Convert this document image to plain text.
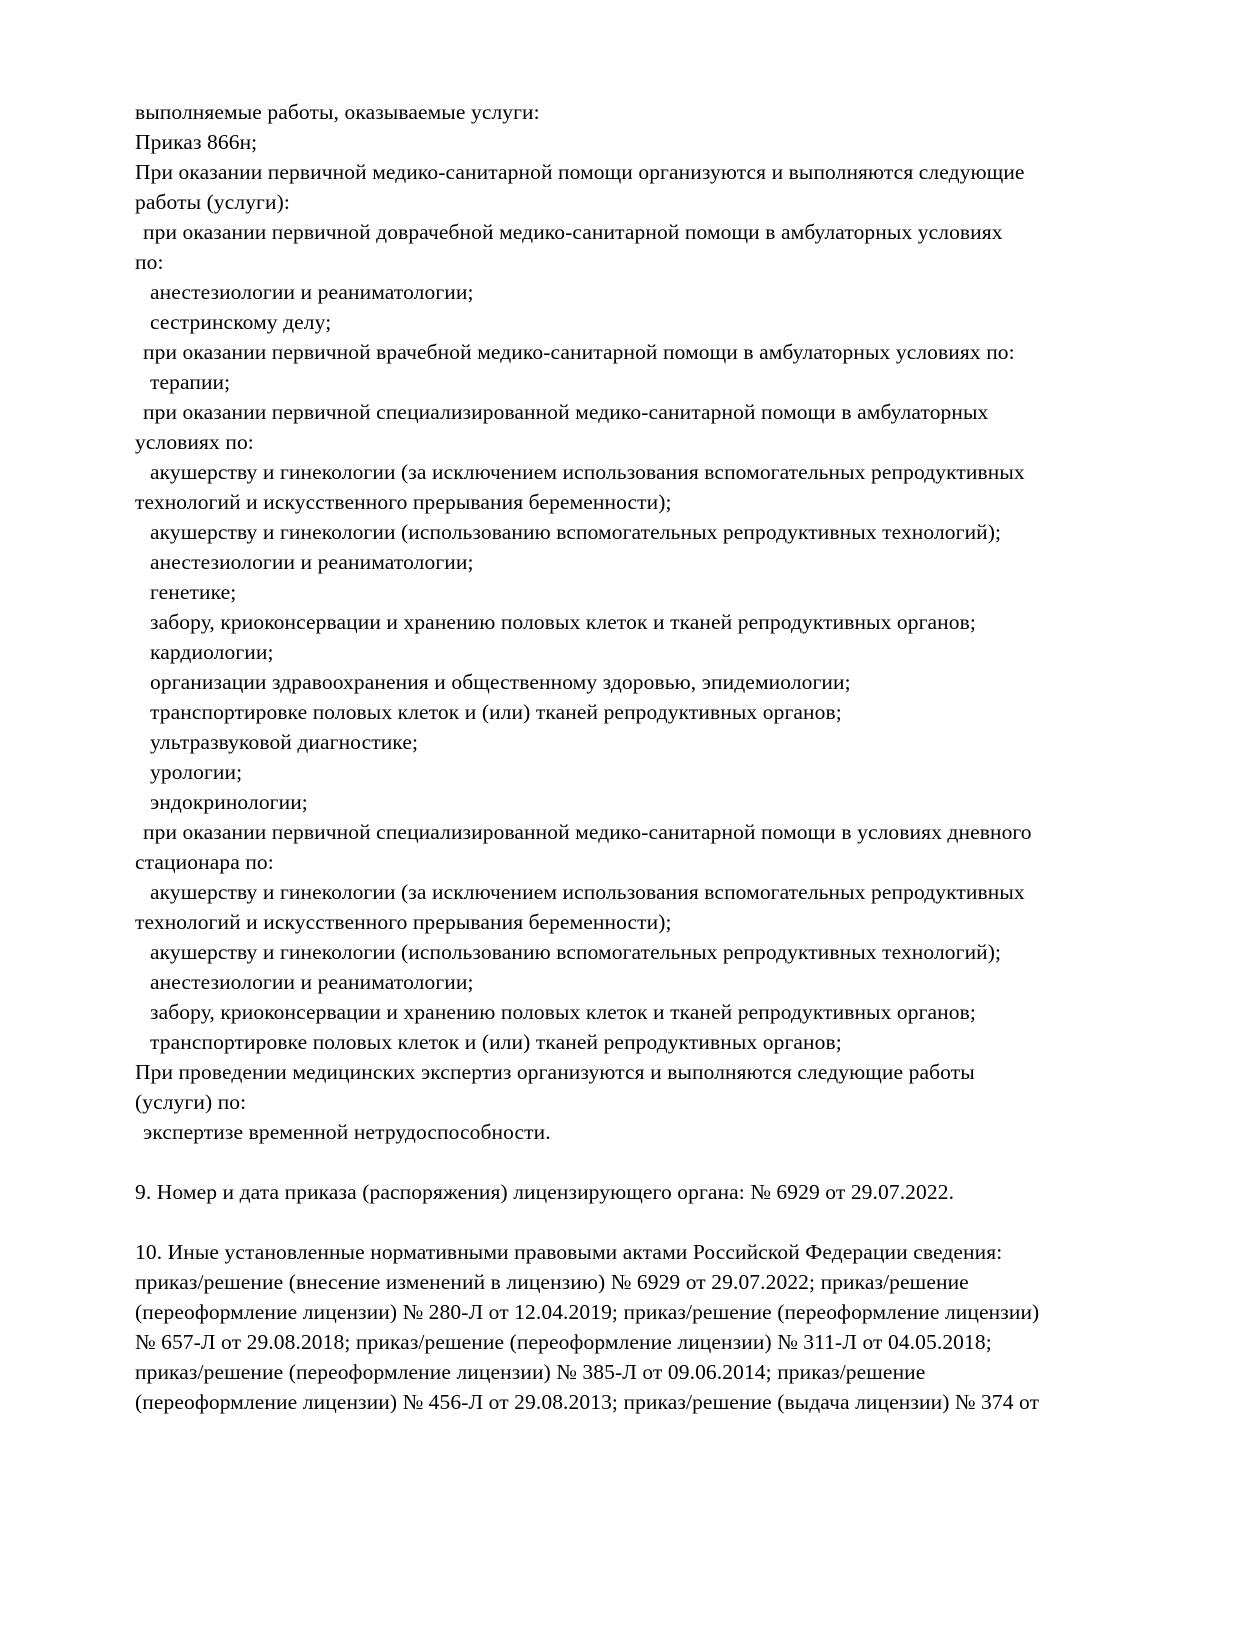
выполняемые работы, оказываемые услуги:
Приказ 866н;
При оказании первичной медико-санитарной помощи организуются и выполняются следующие
работы (услуги):
при оказании первичной доврачебной медико-санитарной помощи в амбулаторных условиях
по:
анестезиологии и реаниматологии;
сестринскому делу;
при оказании первичной врачебной медико-санитарной помощи в амбулаторных условиях по:
терапии;
при оказании первичной специализированной медико-санитарной помощи в амбулаторных
условиях по:
акушерству и гинекологии (за исключением использования вспомогательных репродуктивных
технологий и искусственного прерывания беременности);
акушерству и гинекологии (использованию вспомогательных репродуктивных технологий);
анестезиологии и реаниматологии;
генетике;
забору, криоконсервации и хранению половых клеток и тканей репродуктивных органов;
кардиологии;
организации здравоохранения и общественному здоровью, эпидемиологии;
транспортировке половых клеток и (или) тканей репродуктивных органов;
ультразвуковой диагностике;
урологии;
эндокринологии;
при оказании первичной специализированной медико-санитарной помощи в условиях дневного
стационара по:
акушерству и гинекологии (за исключением использования вспомогательных репродуктивных
технологий и искусственного прерывания беременности);
акушерству и гинекологии (использованию вспомогательных репродуктивных технологий);
анестезиологии и реаниматологии;
забору, криоконсервации и хранению половых клеток и тканей репродуктивных органов;
транспортировке половых клеток и (или) тканей репродуктивных органов;
При проведении медицинских экспертиз организуются и выполняются следующие работы
(услуги) по:
экспертизе временной нетрудоспособности.

9. Номер и дата приказа (распоряжения) лицензирующего органа: № 6929 от 29.07.2022.

10. Иные установленные нормативными правовыми актами Российской Федерации сведения:
приказ/решение (внесение изменений в лицензию) № 6929 от 29.07.2022; приказ/решение
(переоформление лицензии) № 280-Л от 12.04.2019; приказ/решение (переоформление лицензии)
№ 657-Л от 29.08.2018; приказ/решение (переоформление лицензии) № 311-Л от 04.05.2018;
приказ/решение (переоформление лицензии) № 385-Л от 09.06.2014; приказ/решение
(переоформление лицензии) № 456-Л от 29.08.2013; приказ/решение (выдача лицензии) № 374 от
